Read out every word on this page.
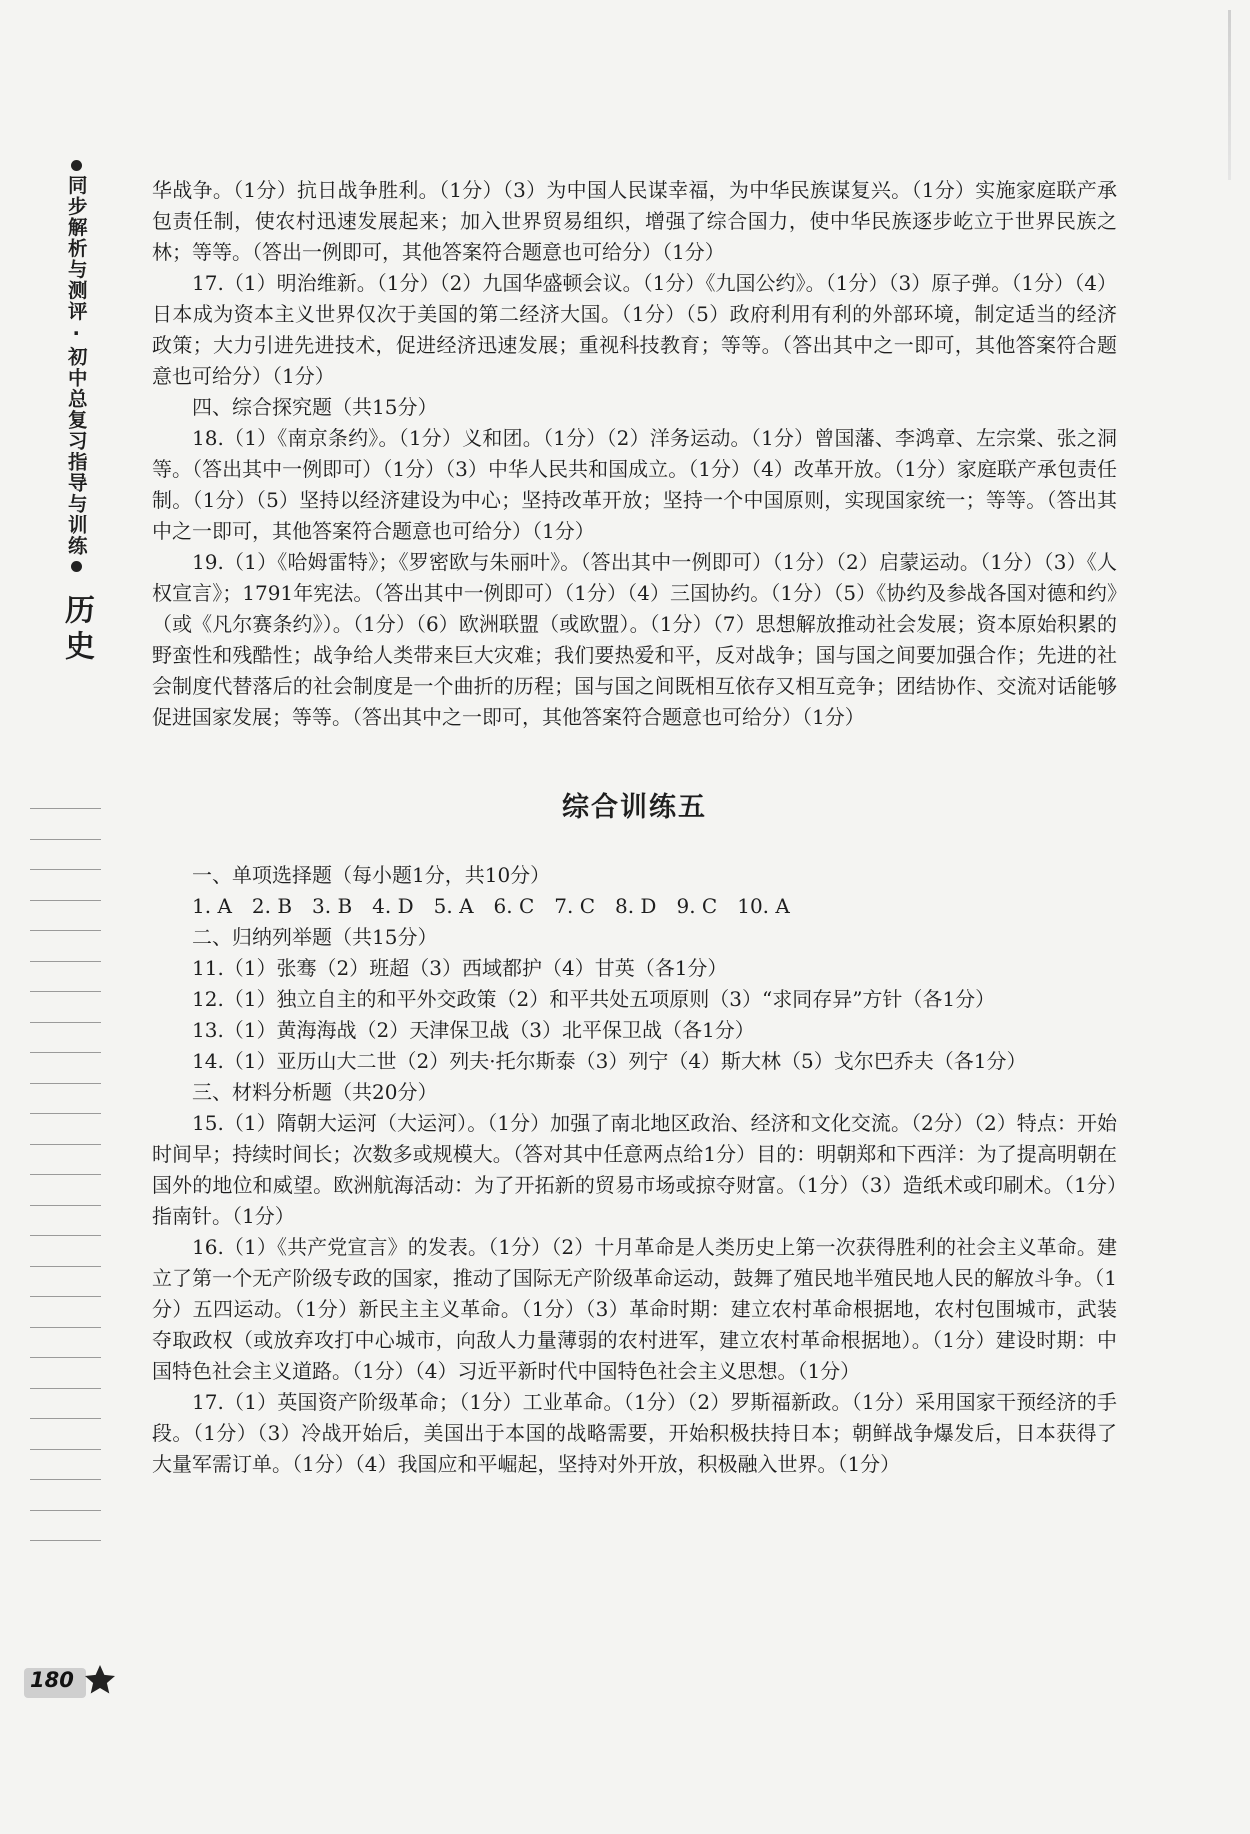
同步解析与测评·初中总复习指导与训练
历史

华战争。（1分）抗日战争胜利。（1分）（3）为中国人民谋幸福，为中华民族谋复兴。（1分）实施家庭联产承包责任制，使农村迅速发展起来；加入世界贸易组织，增强了综合国力，使中华民族逐步屹立于世界民族之林；等等。（答出一例即可，其他答案符合题意也可给分）（1分）

17.（1）明治维新。（1分）（2）九国华盛顿会议。（1分）《九国公约》。（1分）（3）原子弹。（1分）（4）日本成为资本主义世界仅次于美国的第二经济大国。（1分）（5）政府利用有利的外部环境，制定适当的经济政策；大力引进先进技术，促进经济迅速发展；重视科技教育；等等。（答出其中之一即可，其他答案符合题意也可给分）（1分）

四、综合探究题（共15分）

18.（1）《南京条约》。（1分）义和团。（1分）（2）洋务运动。（1分）曾国藩、李鸿章、左宗棠、张之洞等。（答出其中一例即可）（1分）（3）中华人民共和国成立。（1分）（4）改革开放。（1分）家庭联产承包责任制。（1分）（5）坚持以经济建设为中心；坚持改革开放；坚持一个中国原则，实现国家统一；等等。（答出其中之一即可，其他答案符合题意也可给分）（1分）

19.（1）《哈姆雷特》；《罗密欧与朱丽叶》。（答出其中一例即可）（1分）（2）启蒙运动。（1分）（3）《人权宣言》；1791年宪法。（答出其中一例即可）（1分）（4）三国协约。（1分）（5）《协约及参战各国对德和约》（或《凡尔赛条约》）。（1分）（6）欧洲联盟（或欧盟）。（1分）（7）思想解放推动社会发展；资本原始积累的野蛮性和残酷性；战争给人类带来巨大灾难；我们要热爱和平，反对战争；国与国之间要加强合作；先进的社会制度代替落后的社会制度是一个曲折的历程；国与国之间既相互依存又相互竞争；团结协作、交流对话能够促进国家发展；等等。（答出其中之一即可，其他答案符合题意也可给分）（1分）

综合训练五

一、单项选择题（每小题1分，共10分）

1. A　2. B　3. B　4. D　5. A　6. C　7. C　8. D　9. C　10. A

二、归纳列举题（共15分）

11.（1）张骞（2）班超（3）西域都护（4）甘英（各1分）

12.（1）独立自主的和平外交政策（2）和平共处五项原则（3）“求同存异”方针（各1分）

13.（1）黄海海战（2）天津保卫战（3）北平保卫战（各1分）

14.（1）亚历山大二世（2）列夫·托尔斯泰（3）列宁（4）斯大林（5）戈尔巴乔夫（各1分）

三、材料分析题（共20分）

15.（1）隋朝大运河（大运河）。（1分）加强了南北地区政治、经济和文化交流。（2分）（2）特点：开始时间早；持续时间长；次数多或规模大。（答对其中任意两点给1分）目的：明朝郑和下西洋：为了提高明朝在国外的地位和威望。欧洲航海活动：为了开拓新的贸易市场或掠夺财富。（1分）（3）造纸术或印刷术。（1分）指南针。（1分）

16.（1）《共产党宣言》的发表。（1分）（2）十月革命是人类历史上第一次获得胜利的社会主义革命。建立了第一个无产阶级专政的国家，推动了国际无产阶级革命运动，鼓舞了殖民地半殖民地人民的解放斗争。（1分）五四运动。（1分）新民主主义革命。（1分）（3）革命时期：建立农村革命根据地，农村包围城市，武装夺取政权（或放弃攻打中心城市，向敌人力量薄弱的农村进军，建立农村革命根据地）。（1分）建设时期：中国特色社会主义道路。（1分）（4）习近平新时代中国特色社会主义思想。（1分）

17.（1）英国资产阶级革命；（1分）工业革命。（1分）（2）罗斯福新政。（1分）采用国家干预经济的手段。（1分）（3）冷战开始后，美国出于本国的战略需要，开始积极扶持日本；朝鲜战争爆发后，日本获得了大量军需订单。（1分）（4）我国应和平崛起，坚持对外开放，积极融入世界。（1分）

180
